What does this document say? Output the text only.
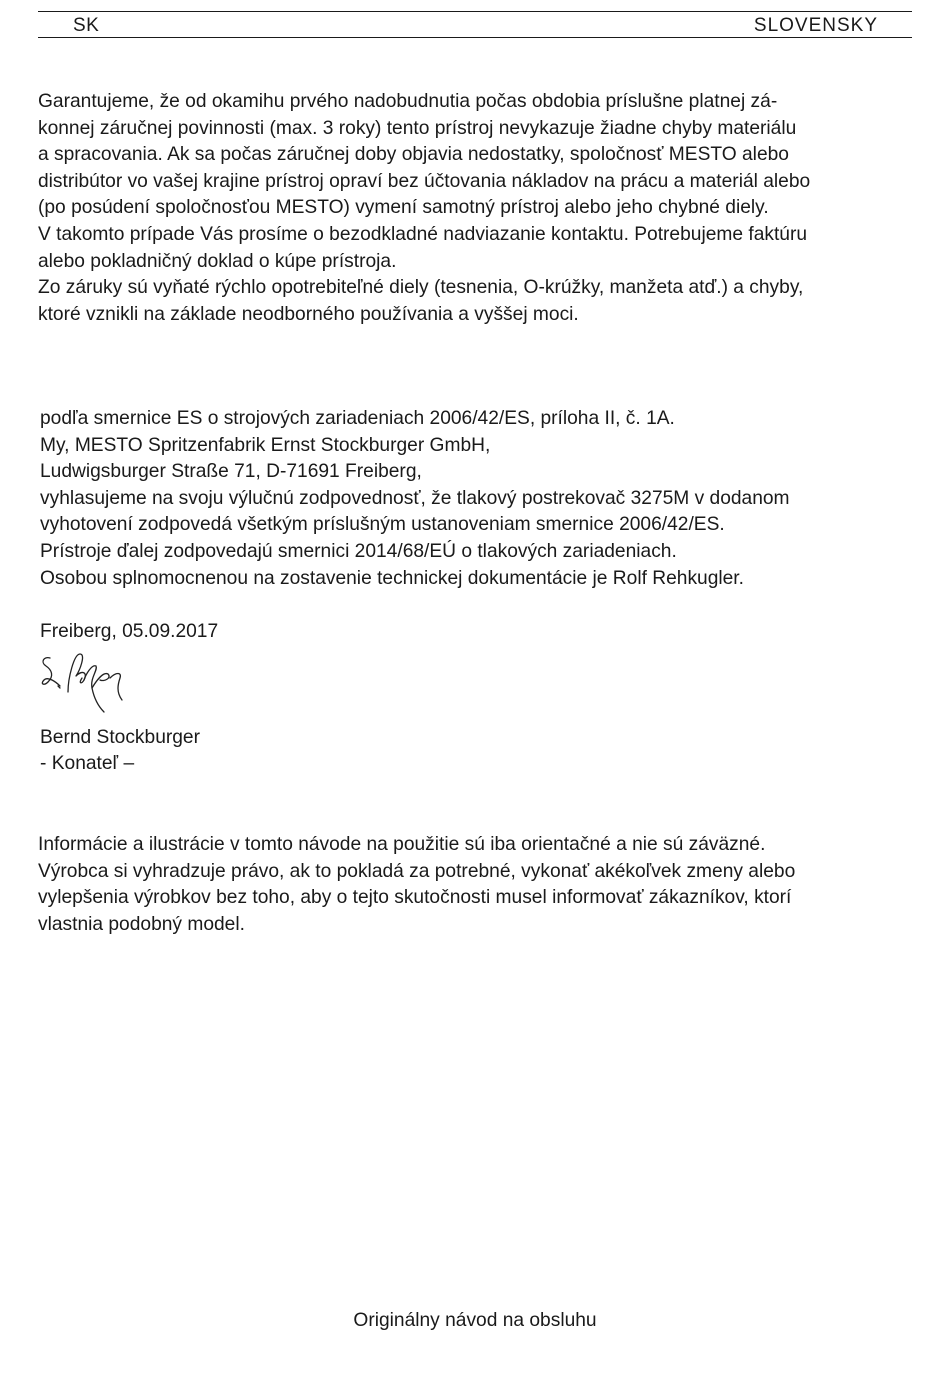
SK	SLOVENSKY
Garantujeme, že od okamihu prvého nadobudnutia počas obdobia príslušne platnej zá-
konnej záručnej povinnosti (max. 3 roky) tento prístroj nevykazuje žiadne chyby materiálu
a spracovania. Ak sa počas záručnej doby objavia nedostatky, spoločnosť MESTO alebo
distribútor vo vašej krajine prístroj opraví bez účtovania nákladov na prácu a materiál alebo
(po posúdení spoločnosťou MESTO) vymení samotný prístroj alebo jeho chybné diely.
V takomto prípade Vás prosíme o bezodkladné nadviazanie kontaktu. Potrebujeme faktúru
alebo pokladničný doklad o kúpe prístroja.
Zo záruky sú vyňaté rýchlo opotrebiteľné diely (tesnenia, O-krúžky, manžeta atď.) a chyby,
ktoré vznikli na základe neodborného používania a vyššej moci.
podľa smernice ES o strojových zariadeniach 2006/42/ES, príloha II, č. 1A.
My, MESTO Spritzenfabrik Ernst Stockburger GmbH,
Ludwigsburger Straße 71, D-71691 Freiberg,
vyhlasujeme na svoju výlučnú zodpovednosť, že tlakový postrekovač 3275M v dodanom
vyhotovení zodpovedá všetkým príslušným ustanoveniam smernice 2006/42/ES.
Prístroje ďalej zodpovedajú smernici 2014/68/EÚ o tlakových zariadeniach.
Osobou splnomocnenou na zostavenie technickej dokumentácie je Rolf Rehkugler.
Freiberg, 05.09.2017
Bernd Stockburger
- Konateľ –
Informácie a ilustrácie v tomto návode na použitie sú iba orientačné a nie sú záväzné.
Výrobca si vyhradzuje právo, ak to pokladá za potrebné, vykonať akékoľvek zmeny alebo
vylepšenia výrobkov bez toho, aby o tejto skutočnosti musel informovať zákazníkov, ktorí
vlastnia podobný model.
Originálny návod na obsluhu
